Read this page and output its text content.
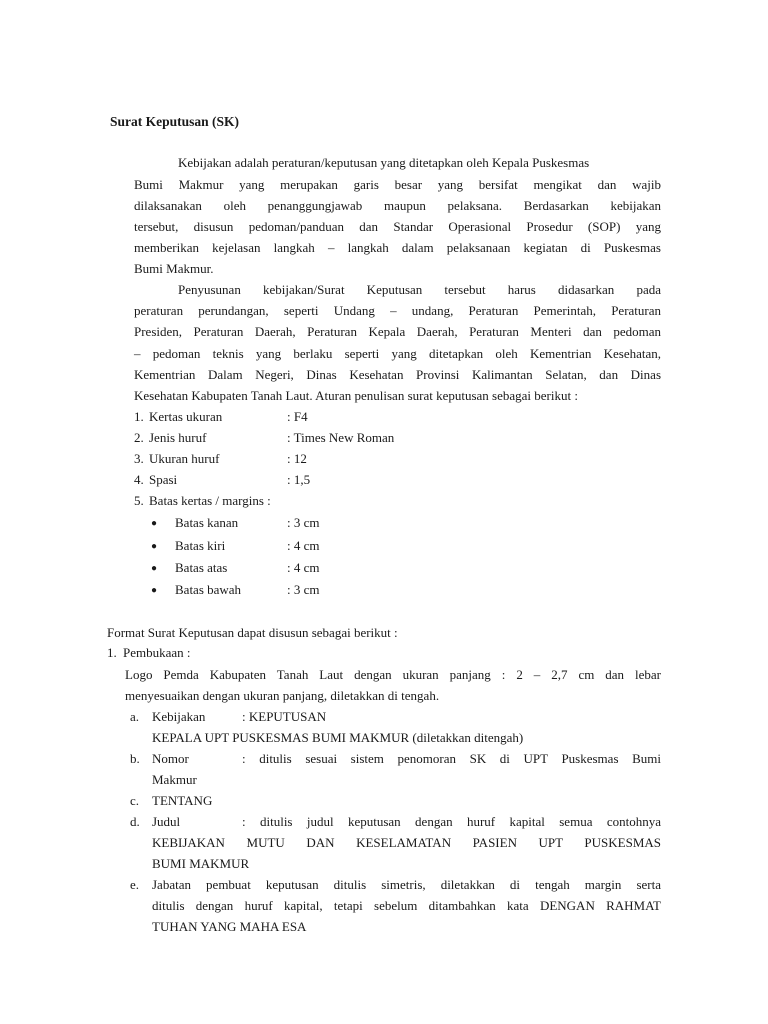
Surat Keputusan (SK)
Kebijakan adalah peraturan/keputusan yang ditetapkan oleh Kepala Puskesmas
Bumi Makmur yang merupakan garis besar yang bersifat mengikat dan wajib
dilaksanakan oleh penanggungjawab maupun pelaksana. Berdasarkan kebijakan
tersebut, disusun pedoman/panduan dan Standar Operasional Prosedur (SOP) yang
memberikan kejelasan langkah – langkah dalam pelaksanaan kegiatan di Puskesmas
Bumi Makmur.
Penyusunan kebijakan/Surat Keputusan tersebut harus didasarkan pada
peraturan perundangan, seperti Undang – undang, Peraturan Pemerintah, Peraturan
Presiden, Peraturan Daerah, Peraturan Kepala Daerah, Peraturan Menteri dan pedoman
– pedoman teknis yang berlaku seperti yang ditetapkan oleh Kementrian Kesehatan,
Kementrian Dalam Negeri, Dinas Kesehatan Provinsi Kalimantan Selatan, dan Dinas
Kesehatan Kabupaten Tanah Laut. Aturan penulisan surat keputusan sebagai berikut :
1. Kertas ukuran	: F4
2. Jenis huruf	: Times New Roman
3. Ukuran huruf	: 12
4. Spasi	: 1,5
5. Batas kertas / margins :
● Batas kanan	: 3 cm
● Batas kiri	: 4 cm
● Batas atas	: 4 cm
● Batas bawah	: 3 cm
Format Surat Keputusan dapat disusun sebagai berikut :
1. Pembukaan :
Logo Pemda Kabupaten Tanah Laut dengan ukuran panjang : 2 – 2,7 cm dan lebar
menyesuaikan dengan ukuran panjang, diletakkan di tengah.
a. Kebijakan	: KEPUTUSAN
KEPALA UPT PUSKESMAS BUMI MAKMUR (diletakkan ditengah)
b. Nomor	: ditulis sesuai sistem penomoran SK di UPT Puskesmas Bumi
Makmur
c. TENTANG
d. Judul	: ditulis judul keputusan dengan huruf kapital semua contohnya
KEBIJAKAN MUTU DAN KESELAMATAN PASIEN UPT PUSKESMAS
BUMI MAKMUR
e. Jabatan pembuat keputusan ditulis simetris, diletakkan di tengah margin serta
ditulis dengan huruf kapital, tetapi sebelum ditambahkan kata DENGAN RAHMAT
TUHAN YANG MAHA ESA
